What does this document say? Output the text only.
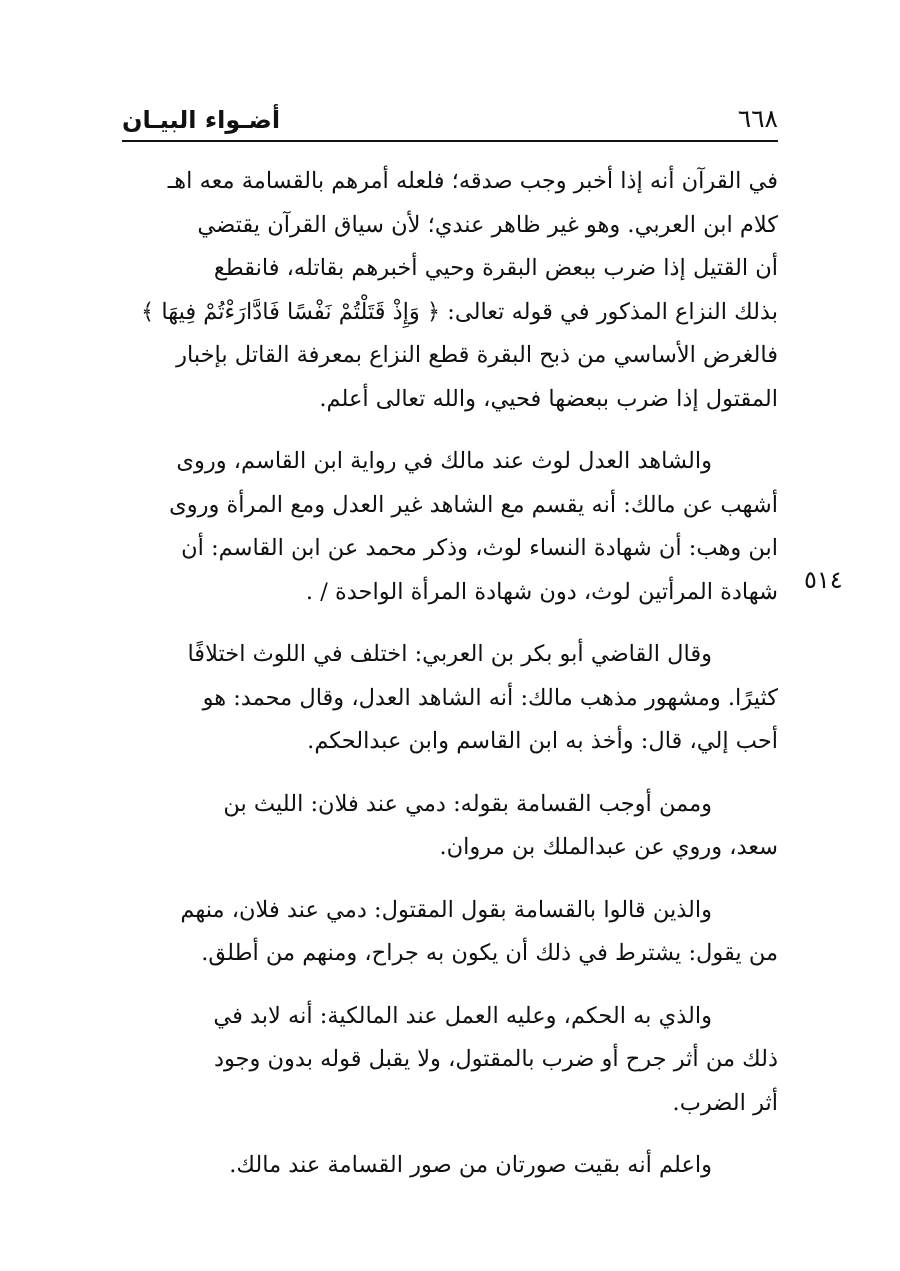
٦٦٨
أضـواء البيـان
٥١٤

في القرآن أنه إذا أخبر وجب صدقه؛ فلعله أمرهم بالقسامة معه اهـ
كلام ابن العربي. وهو غير ظاهر عندي؛ لأن سياق القرآن يقتضي
أن القتيل إذا ضرب ببعض البقرة وحيي أخبرهم بقاتله، فانقطع
بذلك النزاع المذكور في قوله تعالى: ﴿ وَإِذْ قَتَلْتُمْ نَفْسًا فَادَّارَءْتُمْ فِيهَا ﴾
فالغرض الأساسي من ذبح البقرة قطع النزاع بمعرفة القاتل بإخبار
المقتول إذا ضرب ببعضها فحيي، والله تعالى أعلم.

والشاهد العدل لوث عند مالك في رواية ابن القاسم، وروى
أشهب عن مالك: أنه يقسم مع الشاهد غير العدل ومع المرأة وروى
ابن وهب: أن شهادة النساء لوث، وذكر محمد عن ابن القاسم: أن
شهادة المرأتين لوث، دون شهادة المرأة الواحدة / .

وقال القاضي أبو بكر بن العربي: اختلف في اللوث اختلافًا
كثيرًا. ومشهور مذهب مالك: أنه الشاهد العدل، وقال محمد: هو
أحب إلي، قال: وأخذ به ابن القاسم وابن عبدالحكم.

وممن أوجب القسامة بقوله: دمي عند فلان: الليث بن
سعد، وروي عن عبدالملك بن مروان.

والذين قالوا بالقسامة بقول المقتول: دمي عند فلان، منهم
من يقول: يشترط في ذلك أن يكون به جراح، ومنهم من أطلق.

والذي به الحكم، وعليه العمل عند المالكية: أنه لابد في
ذلك من أثر جرح أو ضرب بالمقتول، ولا يقبل قوله بدون وجود
أثر الضرب.

واعلم أنه بقيت صورتان من صور القسامة عند مالك.
